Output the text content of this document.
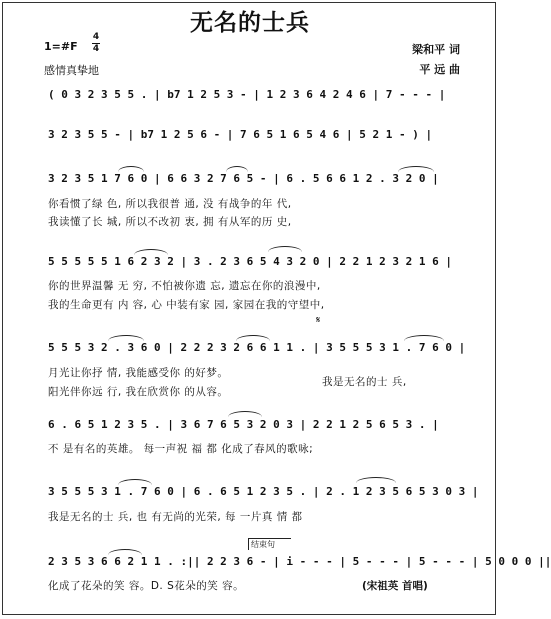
无名的士兵
1=#F
4
4
感情真挚地
梁和平 词
平 远 曲
( 0 3 2 3 5 5 . | b7 1 2 5 3 - | 1 2 3 6 4 2 4 6 | 7 - - - |
3 2 3 5 5 - | b7 1 2 5 6 - | 7 6 5 1 6 5 4 6 | 5 2 1 - ) |
3 2 3 5 1 7 6 0 | 6 6 3 2 7 6 5 - | 6 . 5 6 6 1 2 . 3 2 0 |
你看惯了绿 色, 所以我很普 通, 没 有战争的年 代,
我读懂了长 城, 所以不改初 衷, 拥 有从军的历 史,
5 5 5 5 5 1 6 2 3 2 | 3 . 2 3 6 5 4 3 2 0 | 2 2 1 2 3 2 1 6 |
你的世界温馨 无 穷, 不怕被你遗 忘, 遗忘在你的浪漫中,
我的生命更有 内 容, 心 中装有家 园, 家园在我的守望中,
𝄋
5 5 5 3 2 . 3 6 0 | 2 2 2 3 2 6 6 1 1 . | 3 5 5 5 3 1 . 7 6 0 |
月光让你抒 情, 我能感受你 的好梦。
阳光伴你远 行, 我在欣赏你 的从容。
我是无名的士 兵,
6 . 6 5 1 2 3 5 . | 3 6 7 6 5 3 2 0 3 | 2 2 1 2 5 6 5 3 . |
不 是有名的英雄。 每一声祝 福 都 化成了春风的歌咏;
3 5 5 5 3 1 . 7 6 0 | 6 . 6 5 1 2 3 5 . | 2 . 1 2 3 5 6 5 3 0 3 |
我是无名的士 兵, 也 有无尚的光荣, 每 一片真 情 都
结束句
2 3 5 3 6 6 2 1 1 . :|| 2 2 3 6 - | i - - - | 5 - - - | 5 - - - | 5 0 0 0 ||
化成了花朵的笑 容。D. S花朵的笑 容。	(宋祖英 首唱)
